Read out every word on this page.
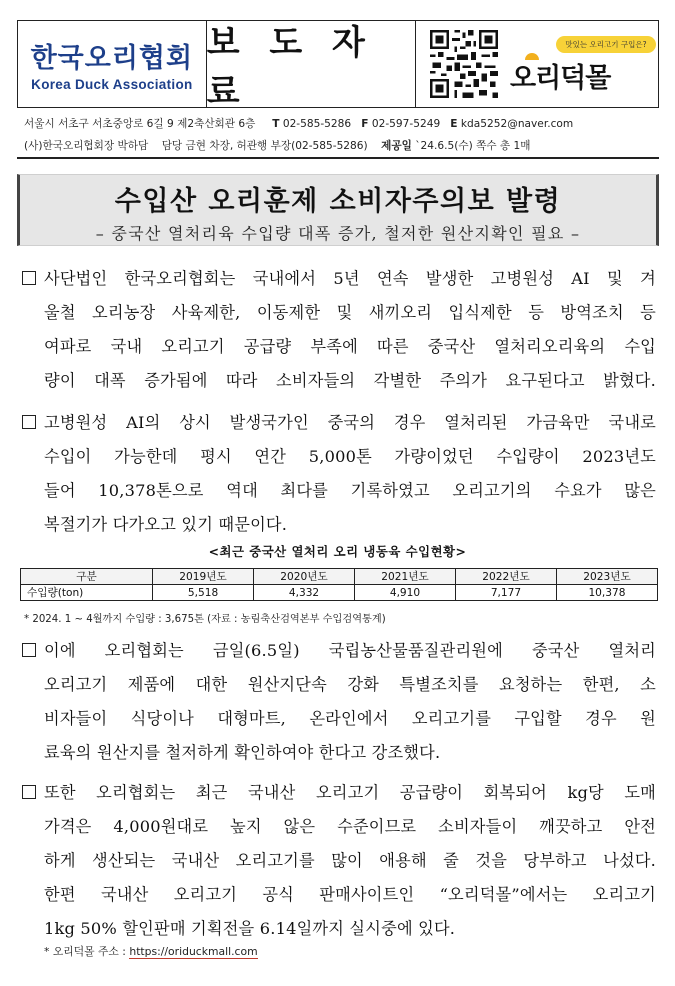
한국오리협회
Korea Duck Association
보 도 자 료
맛있는 오리고기 구입은?
오리덕몰
서울시 서초구 서초중앙로 6길 9 제2축산회관 6층 T 02-585-5286 F 02-597-5249 E kda5252@naver.com
(사)한국오리협회장 박하담 담당 금현 차장, 허관행 부장(02-585-5286) 제공일 `24.6.5(수) 쪽수 총 1매
수입산 오리훈제 소비자주의보 발령
– 중국산 열처리육 수입량 대폭 증가, 철저한 원산지확인 필요 –
사단법인 한국오리협회는 국내에서 5년 연속 발생한 고병원성 AI 및 겨
울철 오리농장 사육제한, 이동제한 및 새끼오리 입식제한 등 방역조치 등
여파로 국내 오리고기 공급량 부족에 따른 중국산 열처리오리육의 수입
량이 대폭 증가됨에 따라 소비자들의 각별한 주의가 요구된다고 밝혔다.
고병원성 AI의 상시 발생국가인 중국의 경우 열처리된 가금육만 국내로
수입이 가능한데 평시 연간 5,000톤 가량이었던 수입량이 2023년도
들어 10,378톤으로 역대 최다를 기록하였고 오리고기의 수요가 많은
복절기가 다가오고 있기 때문이다.
<최근 중국산 열처리 오리 냉동육 수입현황>
구분	2019년도	2020년도	2021년도	2022년도	2023년도
수입량(ton)	5,518	4,332	4,910	7,177	10,378
* 2024. 1 ~ 4월까지 수입량 : 3,675톤 (자료 : 농림축산검역본부 수입검역통계)
이에 오리협회는 금일(6.5일) 국립농산물품질관리원에 중국산 열처리
오리고기 제품에 대한 원산지단속 강화 특별조치를 요청하는 한편, 소
비자들이 식당이나 대형마트, 온라인에서 오리고기를 구입할 경우 원
료육의 원산지를 철저하게 확인하여야 한다고 강조했다.
또한 오리협회는 최근 국내산 오리고기 공급량이 회복되어 kg당 도매
가격은 4,000원대로 높지 않은 수준이므로 소비자들이 깨끗하고 안전
하게 생산되는 국내산 오리고기를 많이 애용해 줄 것을 당부하고 나섰다.
한편 국내산 오리고기 공식 판매사이트인 “오리덕몰”에서는 오리고기
1kg 50% 할인판매 기획전을 6.14일까지 실시중에 있다.
* 오리덕몰 주소 : https://oriduckmall.com
